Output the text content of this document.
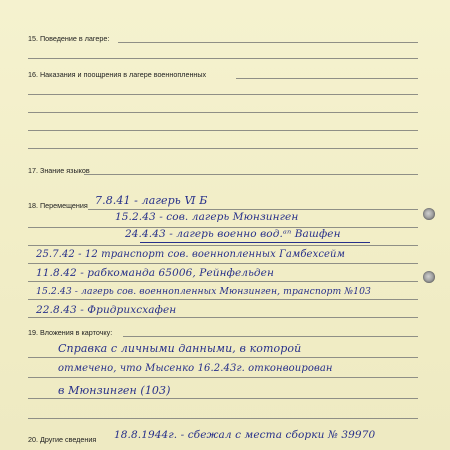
15. Поведение в лагере:
16. Наказания и поощрения в лагере военнопленных
17. Знание языков
18. Перемещения 7.8.41 - лагерь Ⅵ Б
15.2.43 - сов. лагерь Мюнзинген
24.4.43 - лагерь военно вод.ᵃⁿ Вашфен
25.7.42 - 12 транспорт сов. военнопленных Гамбехсейм
11.8.42 - рабкоманда 65006, Рейнфельден
15.2.43 - лагерь сов. военнопленных Мюнзинген, транспорт №103
22.8.43 - Фридрихсхафен
19. Вложения в карточку:
Справка с личными данными, в которой
отмечено, что Мысенко 16.2.43г. отконвоирован
в Мюнзинген (103)
20. Другие сведения 18.8.1944г. - сбежал с места сборки № 39970
